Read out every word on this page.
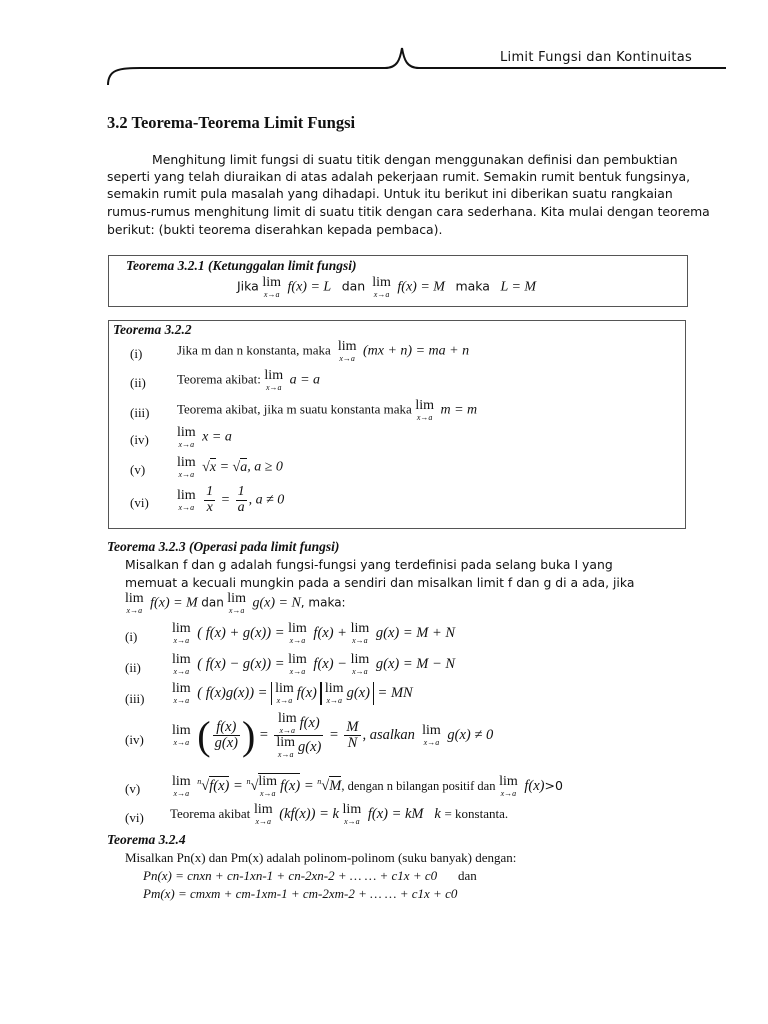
Limit Fungsi dan Kontinuitas
3.2 Teorema-Teorema Limit Fungsi
Menghitung limit fungsi di suatu titik dengan menggunakan definisi dan pembuktian
seperti yang telah diuraikan di atas adalah pekerjaan rumit. Semakin rumit bentuk fungsinya,
semakin rumit pula masalah yang dihadapi. Untuk itu berikut ini diberikan suatu rangkaian
rumus-rumus menghitung limit di suatu titik dengan cara sederhana. Kita mulai dengan teorema
berikut: (bukti teorema diserahkan kepada pembaca).
Teorema 3.2.1 (Ketunggalan limit fungsi)
Jika lim
x→a f(x) = L dan lim
x→a f(x) = M maka L = M
Teorema 3.2.2
(i)	Jika m dan n konstanta, maka lim
x→a (mx + n) = ma + n
(ii) Teorema akibat: lim
x→a a = a
(iii) Teorema akibat, jika m suatu konstanta maka lim
x→a m = m
(iv) lim
x→a x = a
(v) lim
x→a √x = √a, a ≥ 0
(vi) lim
x→a
$\frac{1}{x} = \frac{1}{a}$ , a ≠ 0
Teorema 3.2.3 (Operasi pada limit fungsi)
Misalkan f dan g adalah fungsi-fungsi yang terdefinisi pada selang buka I yang
memuat a kecuali mungkin pada a sendiri dan misalkan limit f dan g di a ada, jika
lim
x→a f(x) = M dan lim
x→a g(x) = N, maka:
(i)
lim
x→a ( f(x) + g(x)) = lim
x→a f(x) + lim
x→a g(x) = M + N
(ii)
lim
x→a ( f(x) − g(x)) = lim
x→a f(x) − lim
x→a g(x) = M − N
(iii)
lim
x→a ( f(x)g(x)) = lim
x→a f(x) lim
x→a g(x) = MN
(iv)
lim
x→a ( $\frac{f(x)}{g(x)}$ ) = lim
x→a f(x)
lim
x→a $g(x) = \frac{M}{N}$ , asalkan lim
x→a g(x) ≠ 0
(v) lim
x→a
$^n$√f(x) = $^n$√ lim
x→a f(x) = $^n$√M, dengan n bilangan positif dan lim
x→a f(x)>0
(vi) Teorema akibat lim
x→a (kf(x)) = k lim
x→a f(x) = kM k = konstanta.
Teorema 3.2.4
Misalkan Pn(x) dan Pm(x) adalah polinom-polinom (suku banyak) dengan:
Pn(x) = cnxn + cn-1xn-1 + cn-2xn-2 + … … + c1x + c0 dan
Pm(x) = cmxm + cm-1xm-1 + cm-2xm-2 + … … + c1x + c0
